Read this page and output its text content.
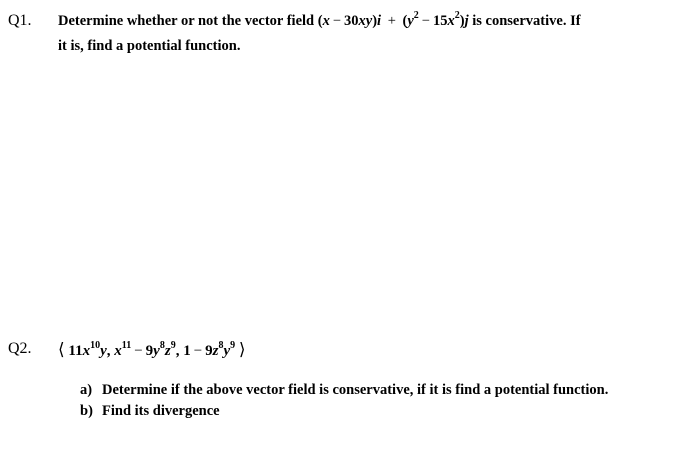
Q1. Determine whether or not the vector field $(x - 30xy)i + (y^2 - 15x^2)j$ is conservative. If
it is, find a potential function.
Q2. ⟨ $11x^{10}y$, $x^{11} - 9y^8z^9$, $1 - 9z^8y^9$ ⟩
a) Determine if the above vector field is conservative, if it is find a potential function.
b) Find its divergence
